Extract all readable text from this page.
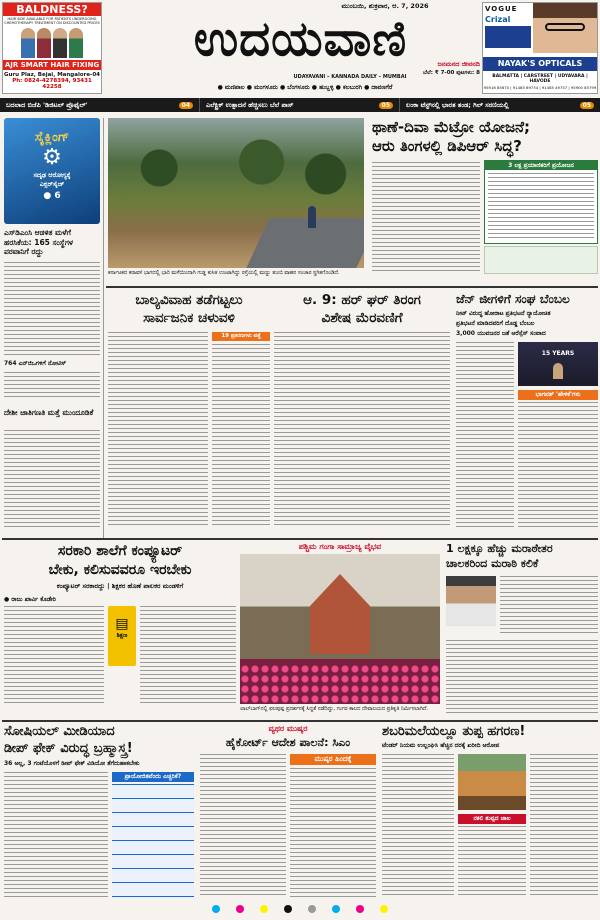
BALDNESS?
HAIR SIDE AVAILABLE FOR PATIENTS UNDERGOING
CHEMOTHERAPY TREATMENT ON DISCOUNTED PRICES
AJR SMART HAIR FIXING
Guru Plaz, Bejai, Mangalore-04
Ph: 0824-4278394, 93431 42258
ಮುಂಬಯಿ, ಶುಕ್ರವಾರ, ಆ. 7, 2026
ಉದಯವಾಣಿ
UDAYAVANI – KANNADA DAILY – MUMBAI
ಜನಮನದ ಜೀವನದಿ
ಬೆಲೆ: ₹ 7-00 ಪುಟಗಳು: 8
● ಮಣಿಪಾಲ ● ಮಂಗಳೂರು ● ಬೆಂಗಳೂರು ● ಹುಬ್ಬಳ್ಳಿ ● ಕಲಬುರಗಿ ● ದಾವಣಗೆರೆ
VOGUE
Crizal
NAYAK'S OPTICALS
BALMATTA | CARSTREET | UDYAVARA | HAVODE
95916 85670 | 91485 69734 | 91485 49757 | 95900 85799
ಬದಲಾದ ಬಿಜೆಪಿ 'ಡಿಜಿಟಲ್ ಪ್ರೊಫೈಲ್'	04	ಎಲೆಕ್ಟ್ರಿಕ್ ಉತ್ಪಾದನೆ ಹೆಚ್ಚಿಸಲು ಬೆಲೆ ಪಾಸ್	05	ಲಂಕಾ ಟೆಸ್ಟ್‌ನಲ್ಲಿ ಭಾರತ ತಂಡ; ಗಿಲ್ ಸರಣಿಯಲ್ಲಿ	05
ಸೈಕ್ಲಿಂಗ್
⚙
ಸದೃಢ ಆರೋಗ್ಯಕ್ಕೆ
ಎಕ್ಸರ್‌ಸೈಜ್
● 6
ಎಸ್‌ಡಿಎಂಸಿ ಆಡಳಿತ ಮಳೆಗೆ ಹರಸಿಕೆಯ: 165 ಸಂಸ್ಥೆಗಳ ಪರವಾನಿಗೆ ರದ್ದು
764 ಎನ್‌ಜಿಒಗಳಿಗೆ ನೋಟಿಸ್
ದೇಶೀ ಜಾತಿಗಣತಿ ಮತ್ತೆ ಮುಂದೂಡಿಕೆ
ಕರ್ನಾಟಕದ ಕರಾವಳಿ ಭಾಗದಲ್ಲಿ ಭಾರಿ ಮಳೆಯಿಂದಾಗಿ ಗುಡ್ಡ ಕುಸಿತ ಉಂಟಾಗಿದ್ದು ರಸ್ತೆಯಲ್ಲಿ ಮಣ್ಣು ತುಂಬಿ ವಾಹನ ಸಂಚಾರ ಸ್ಥಗಿತಗೊಂಡಿದೆ.
ಥಾಣೆ-ದಿವಾ ಮೆಟ್ರೋ ಯೋಜನೆ;
ಆರು ತಿಂಗಳಲ್ಲಿ ಡಿಪಿಆರ್ ಸಿದ್ಧ?
3 ಲಕ್ಷ ಪ್ರಯಾಣಿಕರಿಗೆ ಪ್ರಯೋಜನ
ಬಾಲ್ಯವಿವಾಹ ತಡೆಗಟ್ಟಲು
ಸಾರ್ವಜನಿಕ ಚಳುವಳಿ
19 ಪ್ರಕರಣಗಳು ಪತ್ತೆ
ಆ. 9: ಹರ್ ಘರ್ ತಿರಂಗ
ವಿಶೇಷ ಮೆರವಣಿಗೆ
ಜೆನ್ ಜೀಗಳಿಗೆ ಸಂಘ ಬೆಂಬಲ
ನೀಟ್ ವಿರುದ್ಧ ಹೋರಾಟ ಪ್ರತಿಭಟನೆ ನ್ಯಾಯೋಚಿತ
ಪ್ರತಿಭಟನೆ ಮಾಡಿದವರಿಗೆ ದೊಡ್ಡ ಬೆಂಬಲ
3,000 ಯುವಜನರ ಜತೆ ಆರೆಸ್ಸೆಸ್ ಸಂವಾದ
15 YEARS
ಭಾಗವತ್ 'ಹೇಳಿಕೆ'ಗಳು
ಸರಕಾರಿ ಶಾಲೆಗೆ ಕಂಪ್ಯೂಟರ್
ಬೇಕು, ಕಲಿಸುವವರೂ ಇರಬೇಕು
ಕಂಪ್ಯೂಟರ್ ಸರಕಾರದ್ದು | ಶಿಕ್ಷಕರ ಹೊಣೆ ಪಾಲಕರ ಮಂಡಳಿಗೆ
● ರಾಜು ಖಾರ್ವಿ ಕೊಡೇರಿ
▤
ಶಿಕ್ಷಣ
ಪಶ್ಚಿಮ ಗಂಗಾ ಸಾಮ್ರಾಜ್ಯ ವೈಭವ
ಲಾಲ್‌ಬಾಗ್‌ನಲ್ಲಿ ಫಲಪುಷ್ಪ ಪ್ರದರ್ಶನಕ್ಕೆ ಸಿದ್ಧತೆ ನಡೆದಿದ್ದು, ಗಂಗರ ಕಾಲದ ದೇವಾಲಯದ ಪ್ರತಿಕೃತಿ ನಿರ್ಮಿಸಲಾಗಿದೆ.
1 ಲಕ್ಷಕ್ಕೂ ಹೆಚ್ಚು ಮರಾಠೇತರ
ಚಾಲಕರಿಂದ ಮರಾಠಿ ಕಲಿಕೆ
ಸೋಷಿಯಲ್ ಮೀಡಿಯಾದ
ಡೀಪ್ ಫೇಕ್ ವಿರುದ್ಧ ಬ್ರಹ್ಮಾಸ್ತ್ರ!
36 ಅಲ್ಲ, 3 ಗಂಟೆಯೊಳಗೆ ಡೀಪ್ ಫೇಕ್ ವಿಡಿಯೋ ತೆಗೆದುಹಾಕಬೇಕು
ಪ್ರಾಯೋಜಿತವೆಂದು ಎಚ್ಚರಿಕೆ?
ವ್ಯಥರ ಮುಷ್ಕರ
ಹೈಕೋರ್ಟ್ ಆದೇಶ ಪಾಲನೆ: ಸಿಎಂ
ಮುಷ್ಕರ ಹಿಂದಕ್ಕೆ
ಶಬರಿಮಲೆಯಲ್ಲೂ ತುಪ್ಪ ಹಗರಣ!
ಟೆಂಡರ್ ನಿಯಮ ಉಲ್ಲಂಘಿಸಿ ಹೆಚ್ಚಿನ ದರಕ್ಕೆ ಖರೀದಿ ಆರೋಪ
ನಕಲಿ ತುಪ್ಪದ ಜಾಲ
